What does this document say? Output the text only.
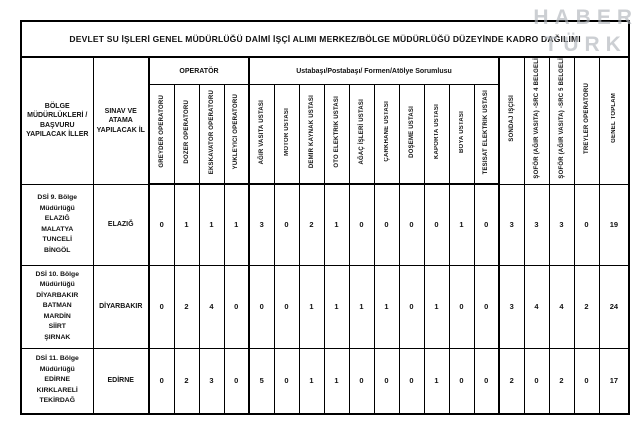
HABER
TÜRK
DEVLET SU İŞLERİ GENEL MÜDÜRLÜĞÜ DAİMİ İŞÇİ ALIMI MERKEZ/BÖLGE MÜDÜRLÜĞÜ DÜZEYİNDE KADRO DAĞILIMI																				
BÖLGE MÜDÜRLÜKLERİ / BAŞVURU YAPILACAK İLLER	SINAV VE ATAMA YAPILACAK İL	OPERATÖR				Ustabaşı/Postabaşı/ Formen/Atölye Sorumlusu										SONDAJ İŞÇİSİ	ŞOFÖR (AĞIR VASITA) -SRC 4 BELGELİ	ŞOFÖR (AĞIR VASITA) -SRC 5 BELGELİ	TREYLER OPERATÖRÜ	GENEL TOPLAM
		GREYDER OPERATÖRÜ	DOZER OPERATÖRÜ	EKSKAVATÖR OPERATÖRÜ	YÜKLEYİCİ OPERATÖRÜ	AĞIR VASITA USTASI	MOTOR USTASI	DEMİR KAYNAK USTASI	OTO ELEKTRİK USTASI	AĞAÇ İŞLERİ USTASI	ÇARKHANE USTASI	DÖŞEME USTASI	KAPORTA USTASI	BOYA USTASI	TESİSAT ELEKTRİK USTASI					

DSİ 9. Bölge
Müdürlüğü
ELAZIĞ
MALATYA
TUNCELİ
BİNGÖL
	ELAZIĞ	0	1	1	1	3	0	2	1	0	0	0	0	1	0	3	3	3	0	19

DSİ 10. Bölge
Müdürlüğü
DİYARBAKIR
BATMAN
MARDİN
SİİRT
ŞIRNAK
	DİYARBAKIR	0	2	4	0	0	0	1	1	1	1	0	1	0	0	3	4	4	2	24

DSİ 11. Bölge
Müdürlüğü
EDİRNE
KIRKLARELİ
TEKİRDAĞ	EDİRNE	0	2	3	0	5	0	1	1	0	0	0	1	0	0	2	0	2	0	17
